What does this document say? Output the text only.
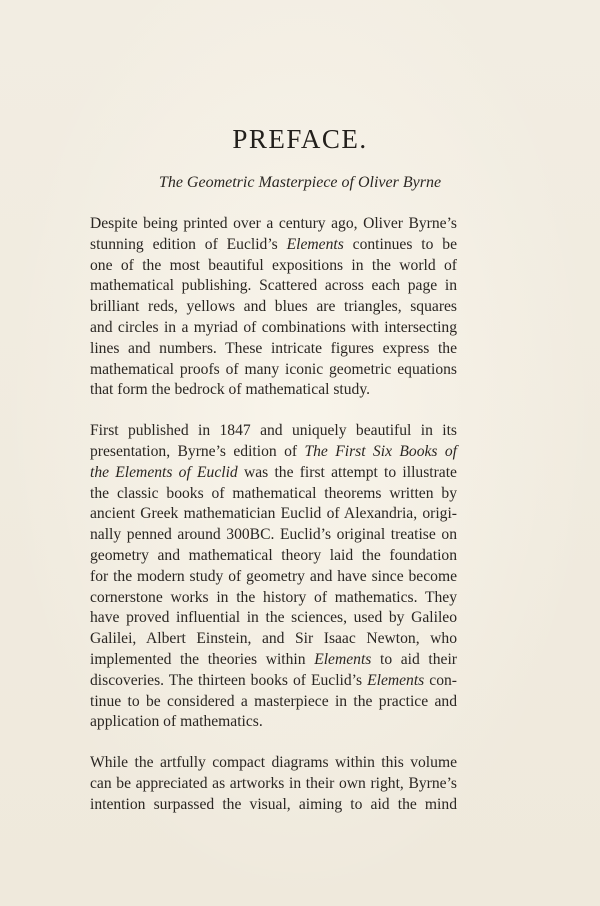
PREFACE.
The Geometric Masterpiece of Oliver Byrne

Despite being printed over a century ago, Oliver Byrne’s
stunning edition of Euclid’s Elements continues to be
one of the most beautiful expositions in the world of
mathematical publishing. Scattered across each page in
brilliant reds, yellows and blues are triangles, squares
and circles in a myriad of combinations with intersecting
lines and numbers. These intricate figures express the
mathematical proofs of many iconic geometric equations
that form the bedrock of mathematical study.

First published in 1847 and uniquely beautiful in its
presentation, Byrne’s edition of The First Six Books of
the Elements of Euclid was the first attempt to illustrate
the classic books of mathematical theorems written by
ancient Greek mathematician Euclid of Alexandria, origi-
nally penned around 300BC. Euclid’s original treatise on
geometry and mathematical theory laid the foundation
for the modern study of geometry and have since become
cornerstone works in the history of mathematics. They
have proved influential in the sciences, used by Galileo
Galilei, Albert Einstein, and Sir Isaac Newton, who
implemented the theories within Elements to aid their
discoveries. The thirteen books of Euclid’s Elements con-
tinue to be considered a masterpiece in the practice and
application of mathematics.

While the artfully compact diagrams within this volume
can be appreciated as artworks in their own right, Byrne’s
intention surpassed the visual, aiming to aid the mind
